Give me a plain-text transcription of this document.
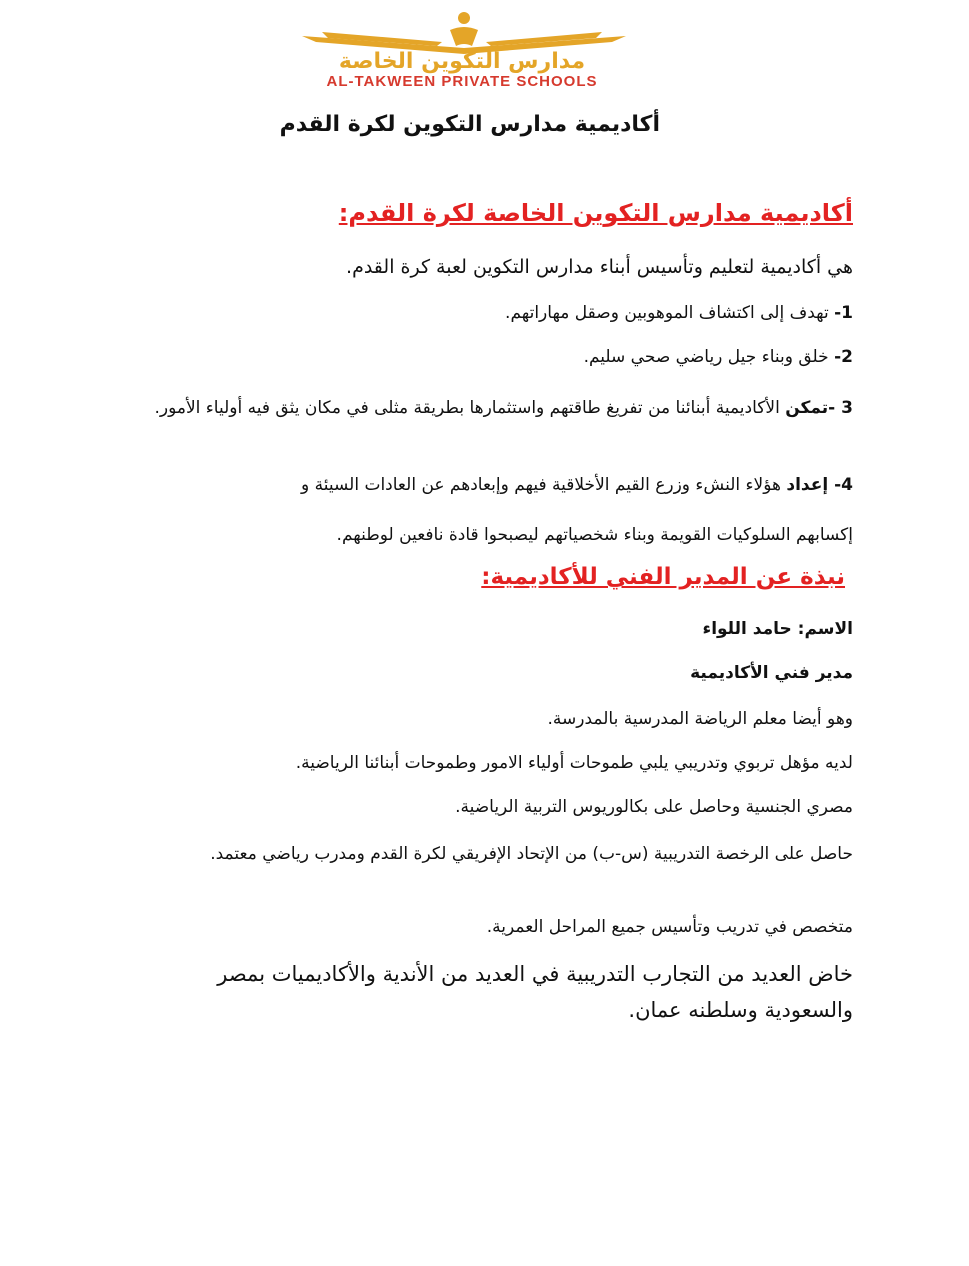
مدارس التكوين الخاصة
AL-TAKWEEN PRIVATE SCHOOLS
أكاديمية مدارس التكوين لكرة القدم
أكاديمية مدارس التكوين الخاصة لكرة القدم:
هي أكاديمية لتعليم وتأسيس أبناء مدارس التكوين لعبة كرة القدم.
1- تهدف إلى اكتشاف الموهوبين وصقل مهاراتهم.
2- خلق وبناء جيل رياضي صحي سليم.
3 -تمكن الأكاديمية أبنائنا من تفريغ طاقتهم واستثمارها بطريقة مثلى في مكان يثق فيه أولياء الأمور.
4- إعداد هؤلاء النشء وزرع القيم الأخلاقية فيهم وإبعادهم عن العادات السيئة و
إكسابهم السلوكيات القويمة وبناء شخصياتهم ليصبحوا قادة نافعين لوطنهم.
نبذة عن المدير الفني للأكاديمية:
الاسم: حامد اللواء
مدير فني الأكاديمية
وهو أيضا معلم الرياضة المدرسية بالمدرسة.
لديه مؤهل تربوي وتدريبي يلبي طموحات أولياء الامور وطموحات أبنائنا الرياضية.
مصري الجنسية وحاصل على بكالوريوس التربية الرياضية.
حاصل على الرخصة التدريبية (س-ب) من الإتحاد الإفريقي لكرة القدم ومدرب رياضي معتمد.
متخصص في تدريب وتأسيس جميع المراحل العمرية.
خاض العديد من التجارب التدريبية في العديد من الأندية والأكاديميات بمصر والسعودية وسلطنه عمان.
